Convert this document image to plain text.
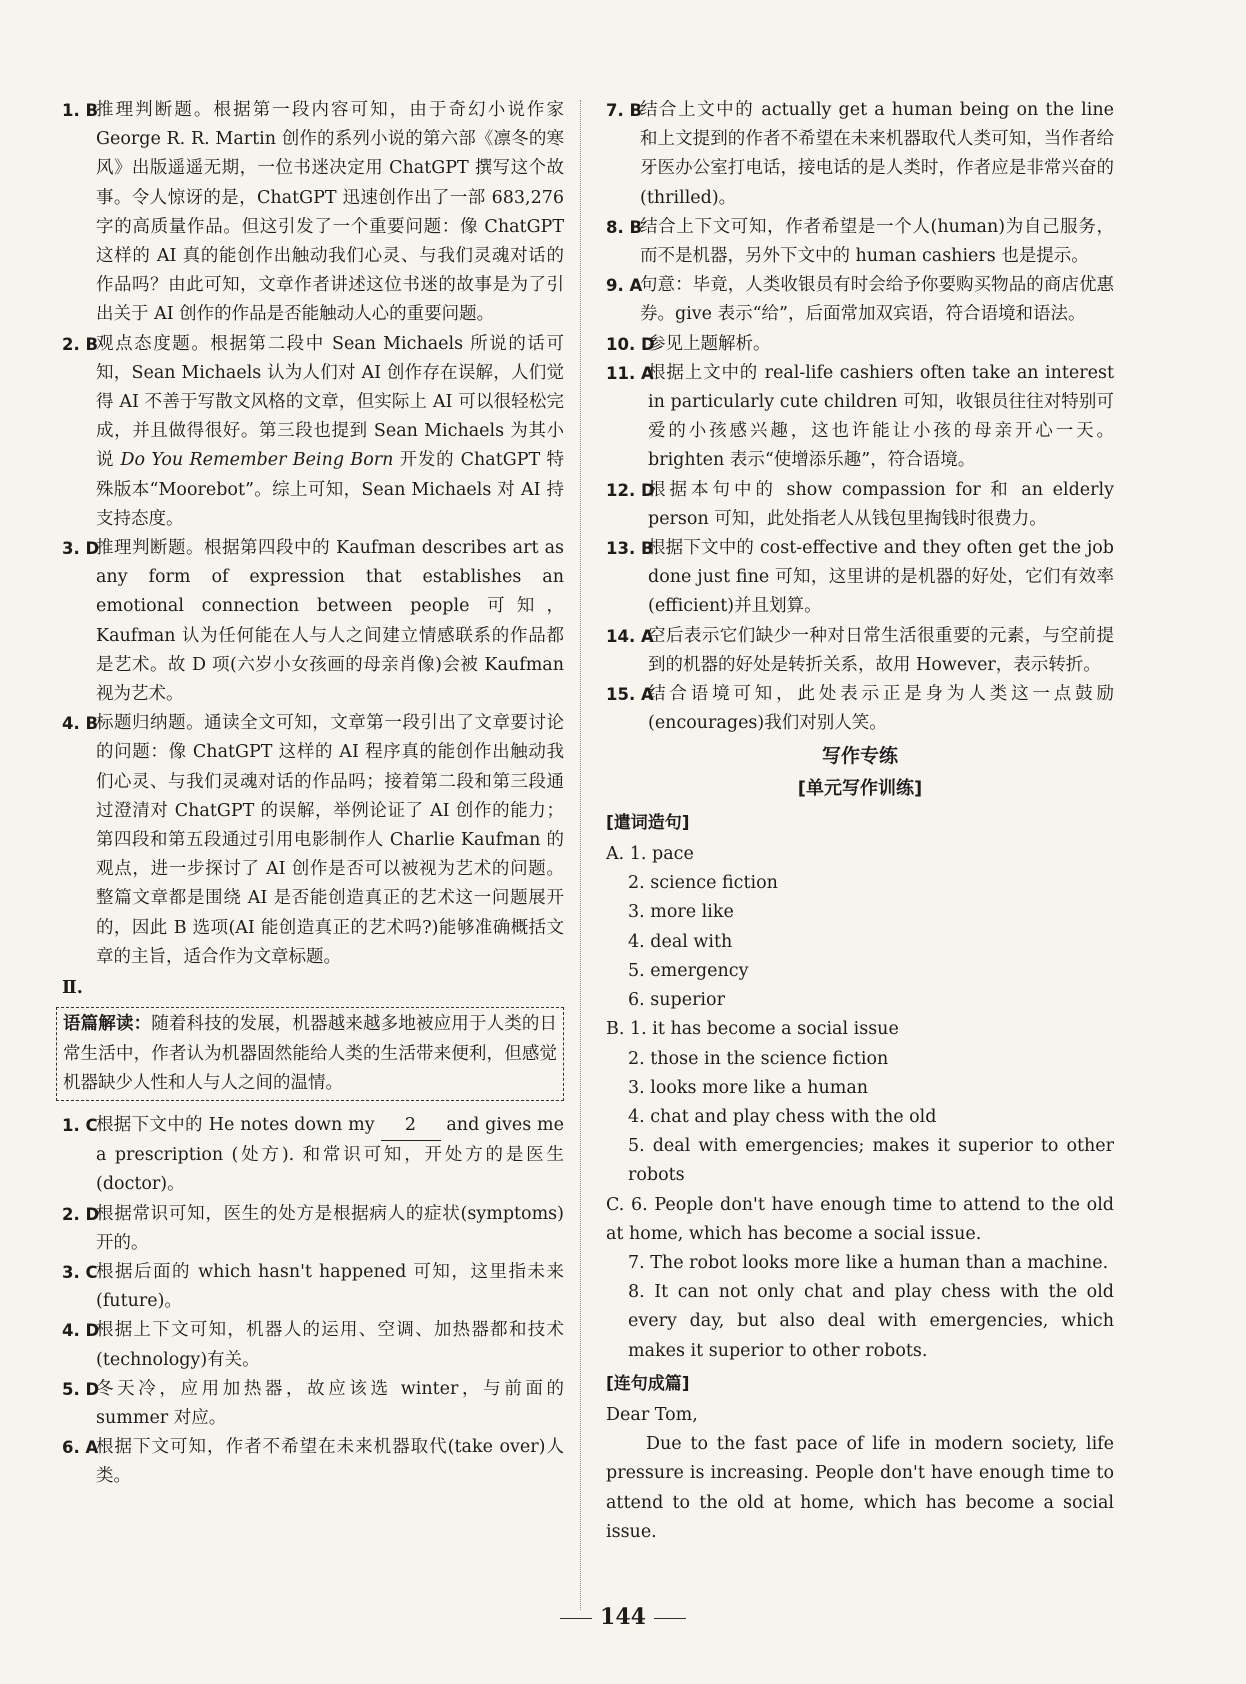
1. B
推理判断题。根据第一段内容可知，由于奇幻小说作家 George R. R. Martin 创作的系列小说的第六部《凛冬的寒风》出版遥遥无期，一位书迷决定用 ChatGPT 撰写这个故事。令人惊讶的是，ChatGPT 迅速创作出了一部 683,276 字的高质量作品。但这引发了一个重要问题：像 ChatGPT 这样的 AI 真的能创作出触动我们心灵、与我们灵魂对话的作品吗？由此可知，文章作者讲述这位书迷的故事是为了引出关于 AI 创作的作品是否能触动人心的重要问题。

2. B
观点态度题。根据第二段中 Sean Michaels 所说的话可知，Sean Michaels 认为人们对 AI 创作存在误解，人们觉得 AI 不善于写散文风格的文章，但实际上 AI 可以很轻松完成，并且做得很好。第三段也提到 Sean Michaels 为其小说 Do You Remember Being Born 开发的 ChatGPT 特殊版本“Moorebot”。综上可知，Sean Michaels 对 AI 持支持态度。

3. D
推理判断题。根据第四段中的 Kaufman describes art as any form of expression that establishes an emotional connection between people 可知，Kaufman 认为任何能在人与人之间建立情感联系的作品都是艺术。故 D 项(六岁小女孩画的母亲肖像)会被 Kaufman 视为艺术。

4. B
标题归纳题。通读全文可知，文章第一段引出了文章要讨论的问题：像 ChatGPT 这样的 AI 程序真的能创作出触动我们心灵、与我们灵魂对话的作品吗；接着第二段和第三段通过澄清对 ChatGPT 的误解，举例论证了 AI 创作的能力；第四段和第五段通过引用电影制作人 Charlie Kaufman 的观点，进一步探讨了 AI 创作是否可以被视为艺术的问题。整篇文章都是围绕 AI 是否能创造真正的艺术这一问题展开的，因此 B 选项(AI 能创造真正的艺术吗?)能够准确概括文章的主旨，适合作为文章标题。

Ⅱ.
语篇解读：随着科技的发展，机器越来越多地被应用于人类的日常生活中，作者认为机器固然能给人类的生活带来便利，但感觉机器缺少人性和人与人之间的温情。

1. C
根据下文中的 He notes down my 2 and gives me a prescription (处方). 和常识可知，开处方的是医生(doctor)。

2. D
根据常识可知，医生的处方是根据病人的症状(symptoms)开的。

3. C
根据后面的 which hasn't happened 可知，这里指未来(future)。

4. D
根据上下文可知，机器人的运用、空调、加热器都和技术(technology)有关。

5. D
冬天冷，应用加热器，故应该选 winter，与前面的 summer 对应。

6. A
根据下文可知，作者不希望在未来机器取代(take over)人类。

7. B
结合上文中的 actually get a human being on the line 和上文提到的作者不希望在未来机器取代人类可知，当作者给牙医办公室打电话，接电话的是人类时，作者应是非常兴奋的(thrilled)。

8. B
结合上下文可知，作者希望是一个人(human)为自己服务，而不是机器，另外下文中的 human cashiers 也是提示。

9. A
句意：毕竟，人类收银员有时会给予你要购买物品的商店优惠券。give 表示“给”，后面常加双宾语，符合语境和语法。

10. D
参见上题解析。

11. A
根据上文中的 real-life cashiers often take an interest in particularly cute children 可知，收银员往往对特别可爱的小孩感兴趣，这也许能让小孩的母亲开心一天。brighten 表示“使增添乐趣”，符合语境。

12. D
根据本句中的 show compassion for 和 an elderly person 可知，此处指老人从钱包里掏钱时很费力。

13. B
根据下文中的 cost-effective and they often get the job done just fine 可知，这里讲的是机器的好处，它们有效率(efficient)并且划算。

14. A
空后表示它们缺少一种对日常生活很重要的元素，与空前提到的机器的好处是转折关系，故用 However，表示转折。

15. A
结合语境可知，此处表示正是身为人类这一点鼓励(encourages)我们对别人笑。

写作专练
[单元写作训练]
[遣词造句]
A. 1. pace
2. science fiction
3. more like
4. deal with
5. emergency
6. superior
B. 1. it has become a social issue
2. those in the science fiction
3. looks more like a human
4. chat and play chess with the old
5. deal with emergencies; makes it superior to other robots
C. 6. People don't have enough time to attend to the old at home, which has become a social issue.
7. The robot looks more like a human than a machine.
8. It can not only chat and play chess with the old every day, but also deal with emergencies, which makes it superior to other robots.
[连句成篇]
Dear Tom,

Due to the fast pace of life in modern society, life pressure is increasing. People don't have enough time to attend to the old at home, which has become a social issue.

144
